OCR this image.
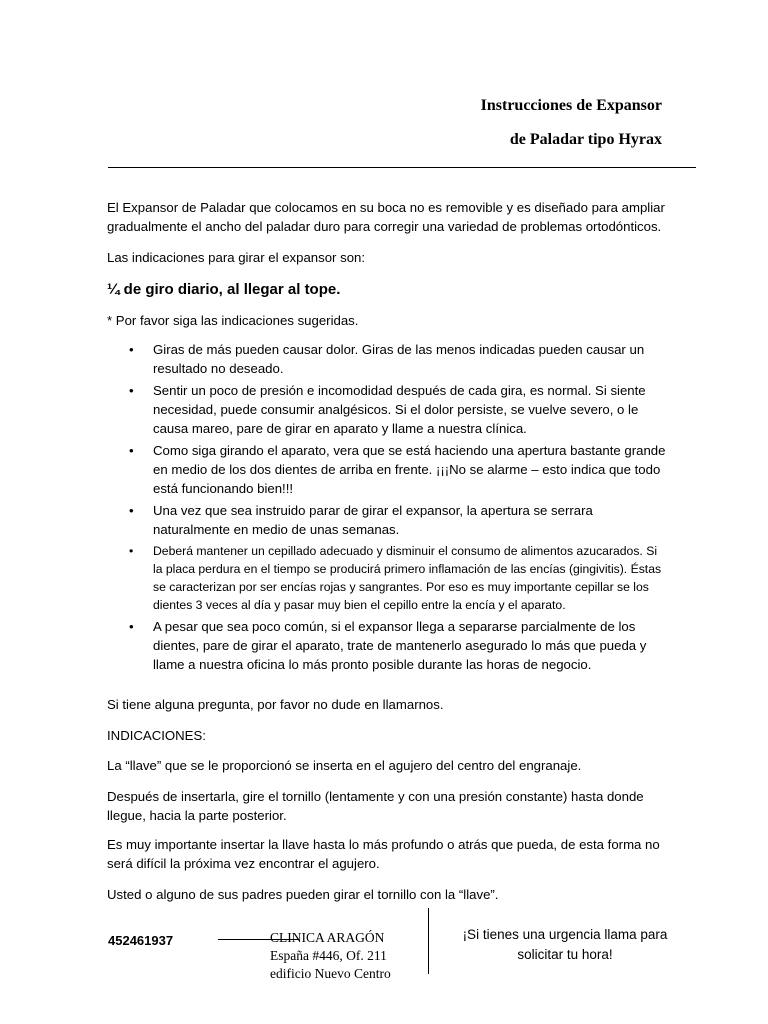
Instrucciones de Expansor
de Paladar tipo Hyrax
El Expansor de Paladar que colocamos en su boca no es removible y es diseñado para ampliar gradualmente el ancho del paladar duro para corregir una variedad de problemas ortodónticos.
Las indicaciones para girar el expansor son:
¼ de giro diario, al llegar al tope.
* Por favor siga las indicaciones sugeridas.
• Giras de más pueden causar dolor. Giras de las menos indicadas pueden causar un resultado no deseado.
• Sentir un poco de presión e incomodidad después de cada gira, es normal. Si siente necesidad, puede consumir analgésicos. Si el dolor persiste, se vuelve severo, o le causa mareo, pare de girar en aparato y llame a nuestra clínica.
• Como siga girando el aparato, vera que se está haciendo una apertura bastante grande en medio de los dos dientes de arriba en frente. ¡¡¡No se alarme – esto indica que todo está funcionando bien!!!
• Una vez que sea instruido parar de girar el expansor, la apertura se serrara naturalmente en medio de unas semanas.
• Deberá mantener un cepillado adecuado y disminuir el consumo de alimentos azucarados. Si la placa perdura en el tiempo se producirá primero inflamación de las encías (gingivitis). Éstas se caracterizan por ser encías rojas y sangrantes. Por eso es muy importante cepillar se los dientes 3 veces al día y pasar muy bien el cepillo entre la encía y el aparato.
• A pesar que sea poco común, si el expansor llega a separarse parcialmente de los dientes, pare de girar el aparato, trate de mantenerlo asegurado lo más que pueda y llame a nuestra oficina lo más pronto posible durante las horas de negocio.
Si tiene alguna pregunta, por favor no dude en llamarnos.
INDICACIONES:
La “llave” que se le proporcionó se inserta en el agujero del centro del engranaje.
Después de insertarla, gire el tornillo (lentamente y con una presión constante) hasta donde llegue, hacia la parte posterior.
Es muy importante insertar la llave hasta lo más profundo o atrás que pueda, de esta forma no será difícil la próxima vez encontrar el agujero.
Usted o alguno de sus padres pueden girar el tornillo con la “llave”.
452461937	CLINICA ARAGÓN
España #446, Of. 211
edificio Nuevo Centro
¡Si tienes una urgencia llama para
solicitar tu hora!
